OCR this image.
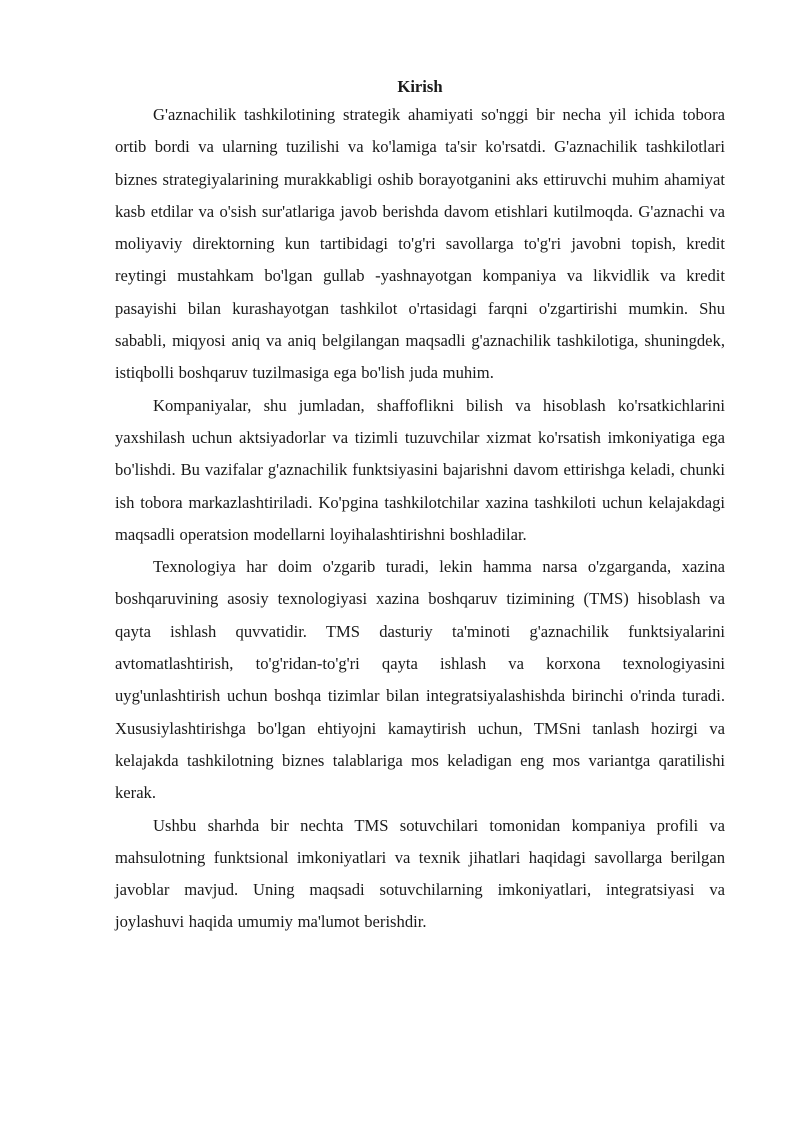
Kirish

G'aznachilik tashkilotining strategik ahamiyati so'nggi bir necha yil ichida tobora ortib bordi va ularning tuzilishi va ko'lamiga ta'sir ko'rsatdi. G'aznachilik tashkilotlari biznes strategiyalarining murakkabligi oshib borayotganini aks ettiruvchi muhim ahamiyat kasb etdilar va o'sish sur'atlariga javob berishda davom etishlari kutilmoqda. G'aznachi va moliyaviy direktorning kun tartibidagi to'g'ri savollarga to'g'ri javobni topish, kredit reytingi mustahkam bo'lgan gullab -yashnayotgan kompaniya va likvidlik va kredit pasayishi bilan kurashayotgan tashkilot o'rtasidagi farqni o'zgartirishi mumkin. Shu sababli, miqyosi aniq va aniq belgilangan maqsadli g'aznachilik tashkilotiga, shuningdek, istiqbolli boshqaruv tuzilmasiga ega bo'lish juda muhim.

Kompaniyalar, shu jumladan, shaffoflikni bilish va hisoblash ko'rsatkichlarini yaxshilash uchun aktsiyadorlar va tizimli tuzuvchilar xizmat ko'rsatish imkoniyatiga ega bo'lishdi. Bu vazifalar g'aznachilik funktsiyasini bajarishni davom ettirishga keladi, chunki ish tobora markazlashtiriladi. Ko'pgina tashkilotchilar xazina tashkiloti uchun kelajakdagi maqsadli operatsion modellarni loyihalashtirishni boshladilar.

Texnologiya har doim o'zgarib turadi, lekin hamma narsa o'zgarganda, xazina boshqaruvining asosiy texnologiyasi xazina boshqaruv tizimining (TMS) hisoblash va qayta ishlash quvvatidir. TMS dasturiy ta'minoti g'aznachilik funktsiyalarini avtomatlashtirish, to'g'ridan-to'g'ri qayta ishlash va korxona texnologiyasini uyg'unlashtirish uchun boshqa tizimlar bilan integratsiyalashishda birinchi o'rinda turadi. Xususiylashtirishga bo'lgan ehtiyojni kamaytirish uchun, TMSni tanlash hozirgi va kelajakda tashkilotning biznes talablariga mos keladigan eng mos variantga qaratilishi kerak.

Ushbu sharhda bir nechta TMS sotuvchilari tomonidan kompaniya profili va mahsulotning funktsional imkoniyatlari va texnik jihatlari haqidagi savollarga berilgan javoblar mavjud. Uning maqsadi sotuvchilarning imkoniyatlari, integratsiyasi va joylashuvi haqida umumiy ma'lumot berishdir.
